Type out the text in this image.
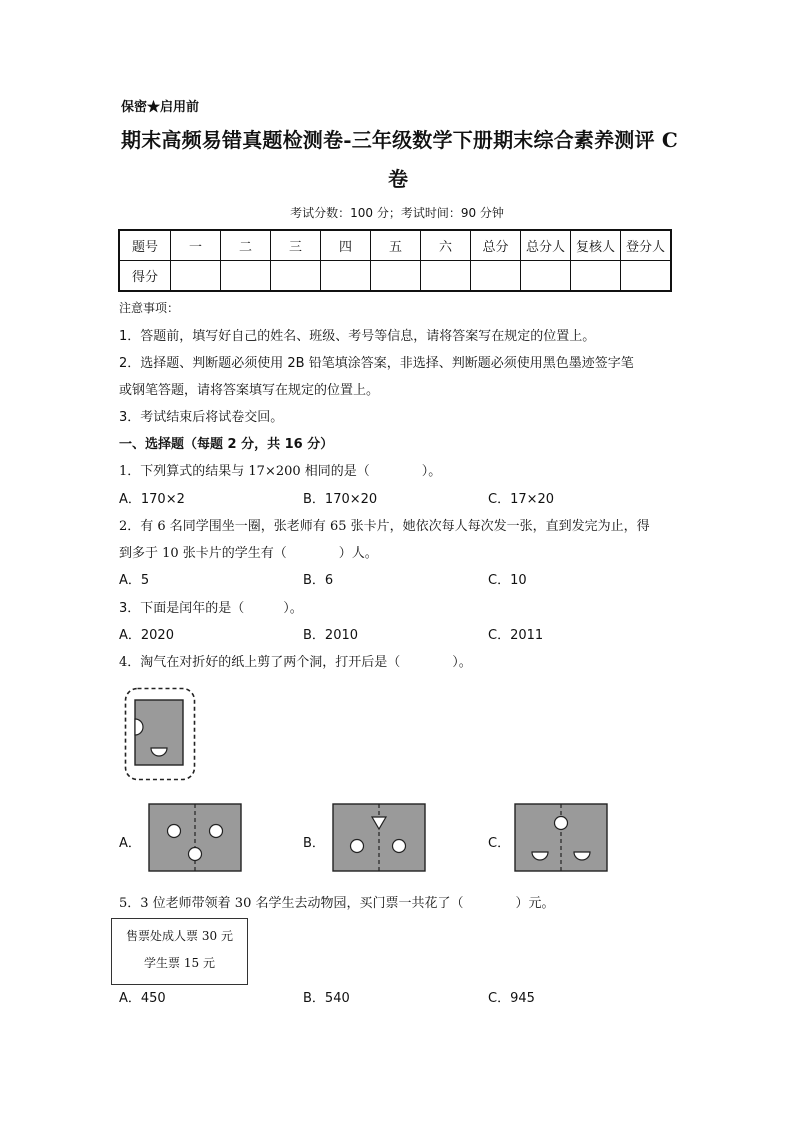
保密★启用前
期末高频易错真题检测卷-三年级数学下册期末综合素养测评 C
卷
考试分数：100 分；考试时间：90 分钟
题号	一	二	三	四	五	六	总分	总分人	复核人	登分人
得分										
注意事项：
1．答题前，填写好自己的姓名、班级、考号等信息，请将答案写在规定的位置上。
2．选择题、判断题必须使用 2B 铅笔填涂答案，非选择、判断题必须使用黑色墨迹签字笔
或钢笔答题，请将答案填写在规定的位置上。
3．考试结束后将试卷交回。
一、选择题（每题 2 分，共 16 分）
1．下列算式的结果与 17×200 相同的是（　　　　）。
A．170×2	B．170×20	C．17×20
2．有 6 名同学围坐一圈，张老师有 65 张卡片，她依次每人每次发一张，直到发完为止，得
到多于 10 张卡片的学生有（　　　　）人。
A．5	B．6	C．10
3．下面是闰年的是（　　　）。
A．2020	B．2010	C．2011
4．淘气在对折好的纸上剪了两个洞，打开后是（　　　　）。
A．	B．	C．
5．3 位老师带领着 30 名学生去动物园，买门票一共花了（　　　　）元。
售票处成人票 30 元
学生票 15 元
A．450	B．540	C．945
